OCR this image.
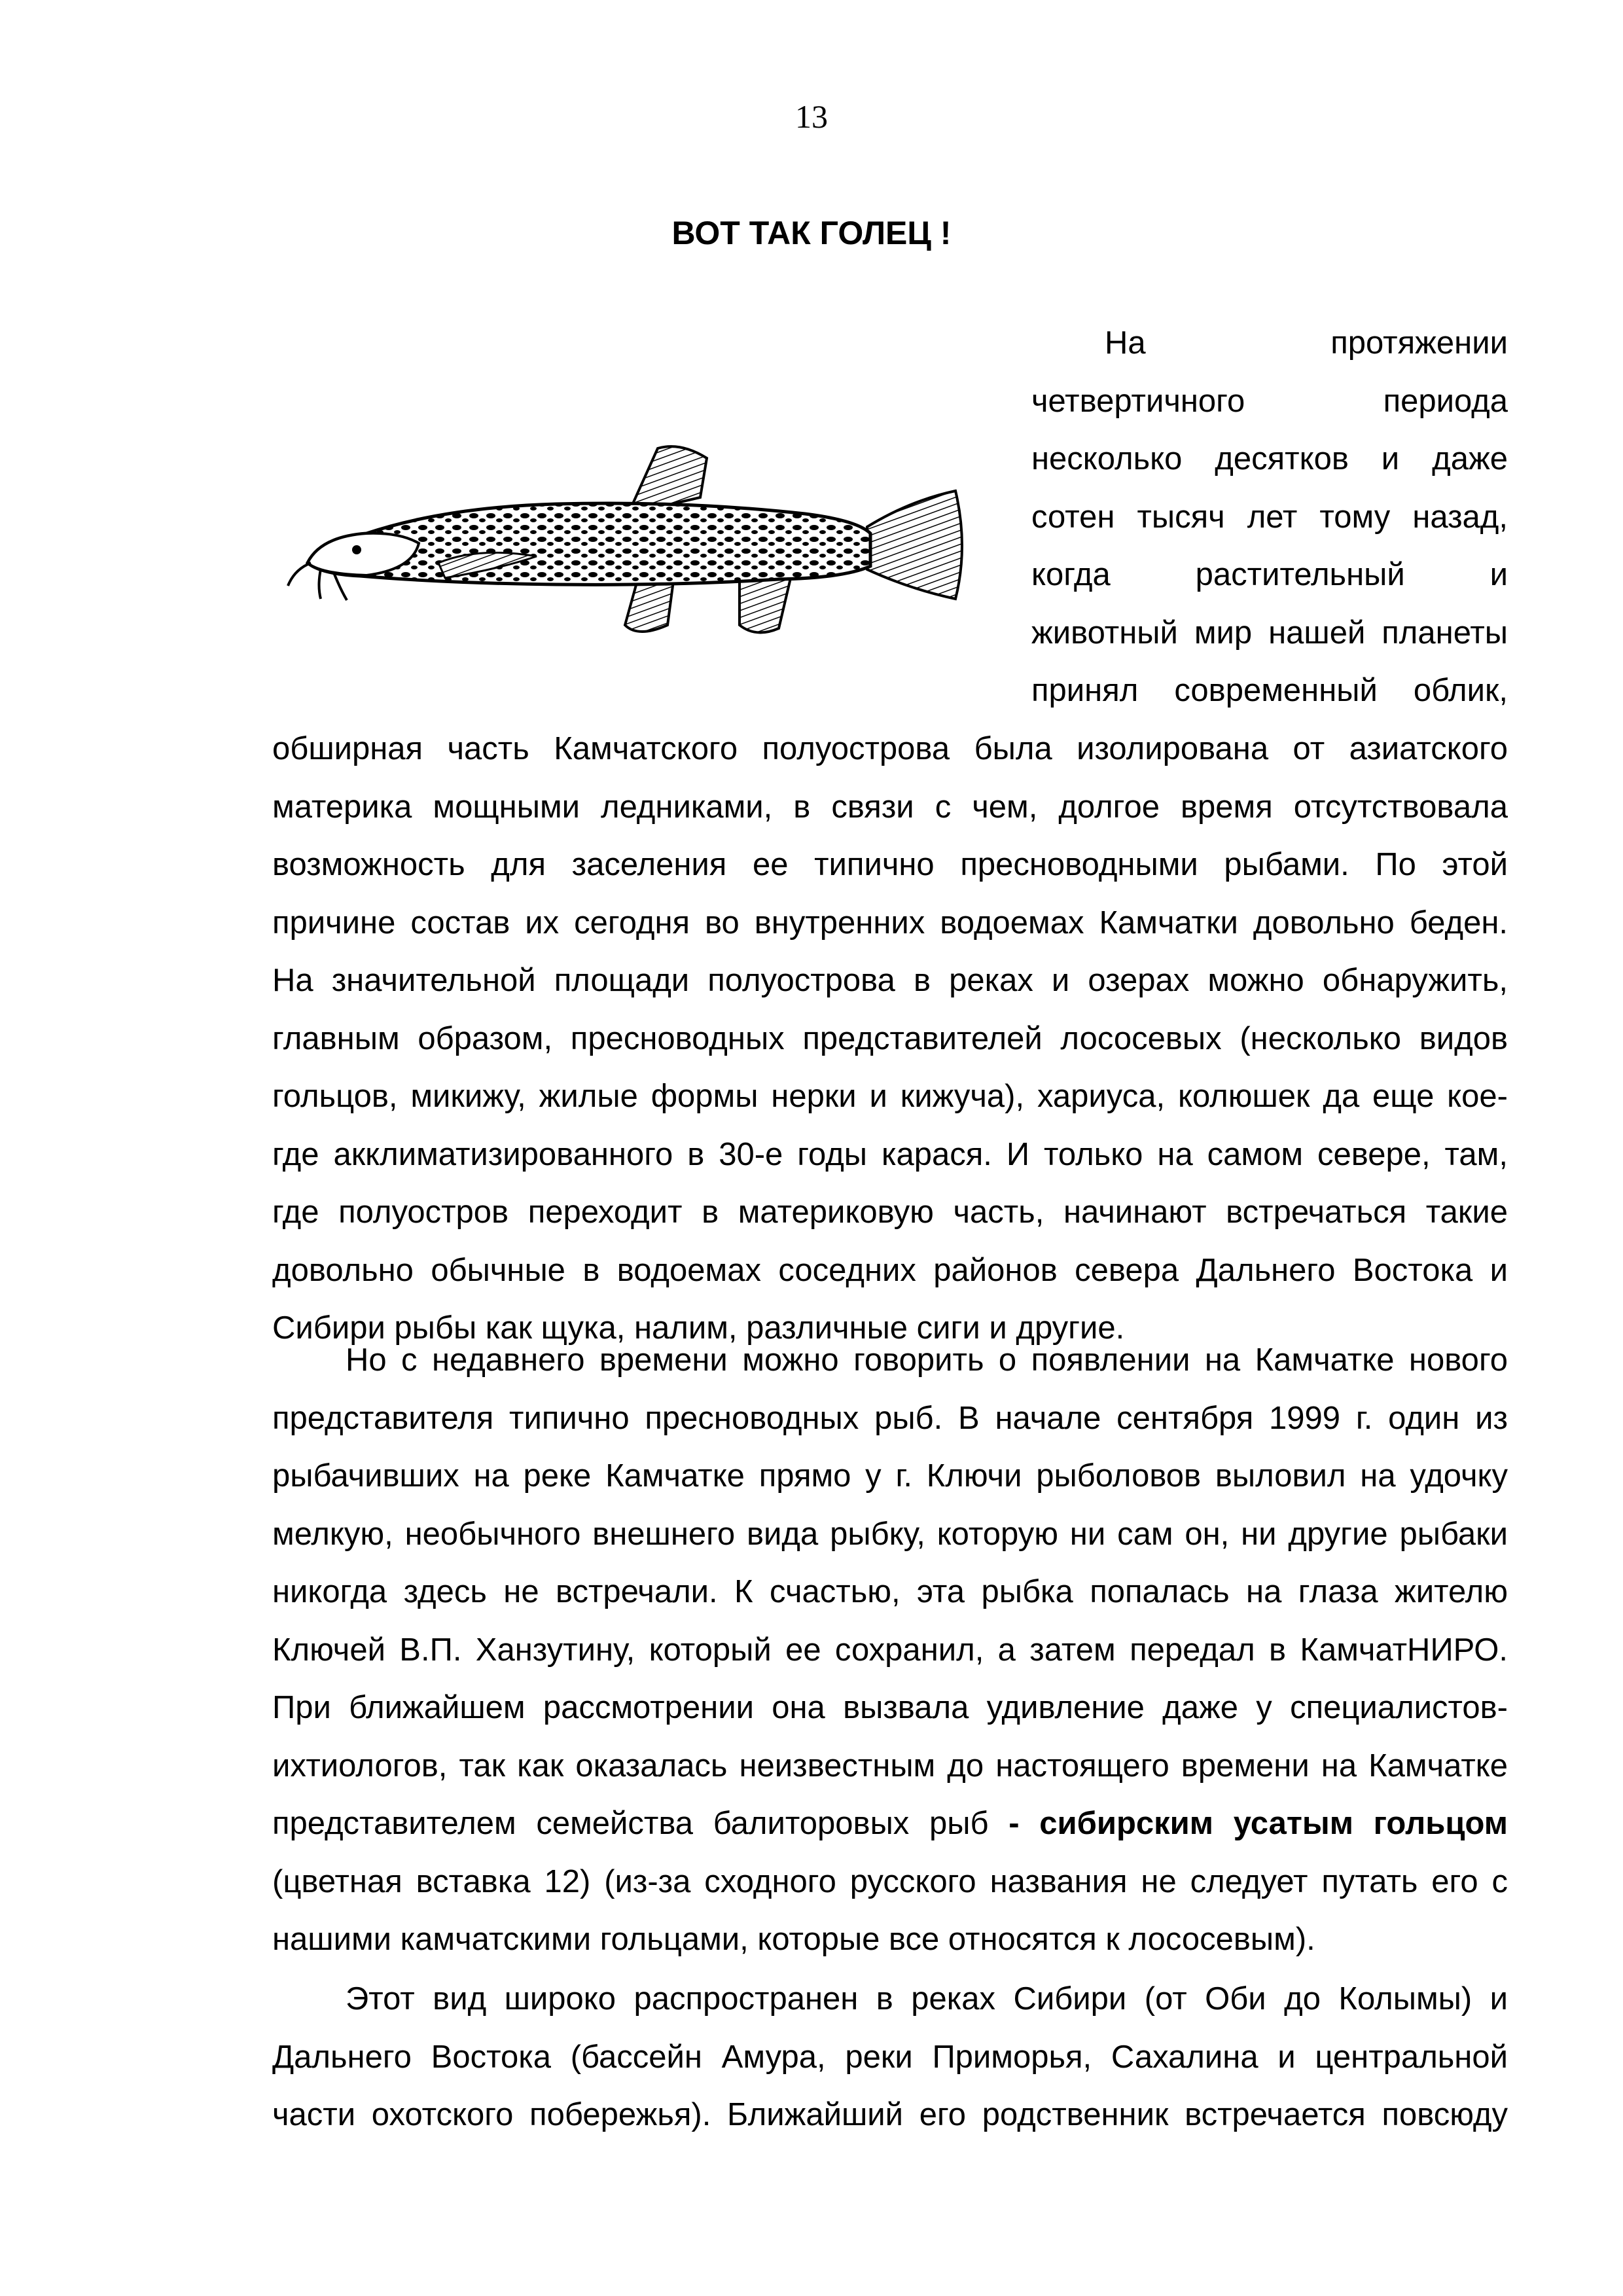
13
ВОТ ТАК ГОЛЕЦ !
На протяжении
четвертичного периода
несколько десятков и даже
сотен тысяч лет тому назад,
когда растительный и
животный мир нашей планеты
принял современный облик,
обширная часть Камчатского полуострова была изолирована от азиатского
материка мощными ледниками, в связи с чем, долгое время отсутствовала
возможность для заселения ее типично пресноводными рыбами. По этой
причине состав их сегодня во внутренних водоемах Камчатки довольно беден.
На значительной площади полуострова в реках и озерах можно обнаружить,
главным образом, пресноводных представителей лососевых (несколько видов
гольцов, микижу, жилые формы нерки и кижуча), хариуса, колюшек да еще кое-
где акклиматизированного в 30-е годы карася. И только на самом севере, там,
где полуостров переходит в материковую часть, начинают встречаться такие
довольно обычные в водоемах соседних районов севера Дальнего Востока и
Сибири рыбы как щука, налим, различные сиги и другие.
Но с недавнего времени можно говорить о появлении на Камчатке нового
представителя типично пресноводных рыб. В начале сентября 1999 г. один из
рыбачивших на реке Камчатке прямо у г. Ключи рыболовов выловил на удочку
мелкую, необычного внешнего вида рыбку, которую ни сам он, ни другие рыбаки
никогда здесь не встречали. К счастью, эта рыбка попалась на глаза жителю
Ключей В.П. Ханзутину, который ее сохранил, а затем передал в КамчатНИРО.
При ближайшем рассмотрении она вызвала удивление даже у специалистов-
ихтиологов, так как оказалась неизвестным до настоящего времени на Камчатке
представителем семейства балиторовых рыб - сибирским усатым гольцом
(цветная вставка 12) (из-за сходного русского названия не следует путать его с
нашими камчатскими гольцами, которые все относятся к лососевым).
Этот вид широко распространен в реках Сибири (от Оби до Колымы) и
Дальнего Востока (бассейн Амура, реки Приморья, Сахалина и центральной
части охотского побережья). Ближайший его родственник встречается повсюду
